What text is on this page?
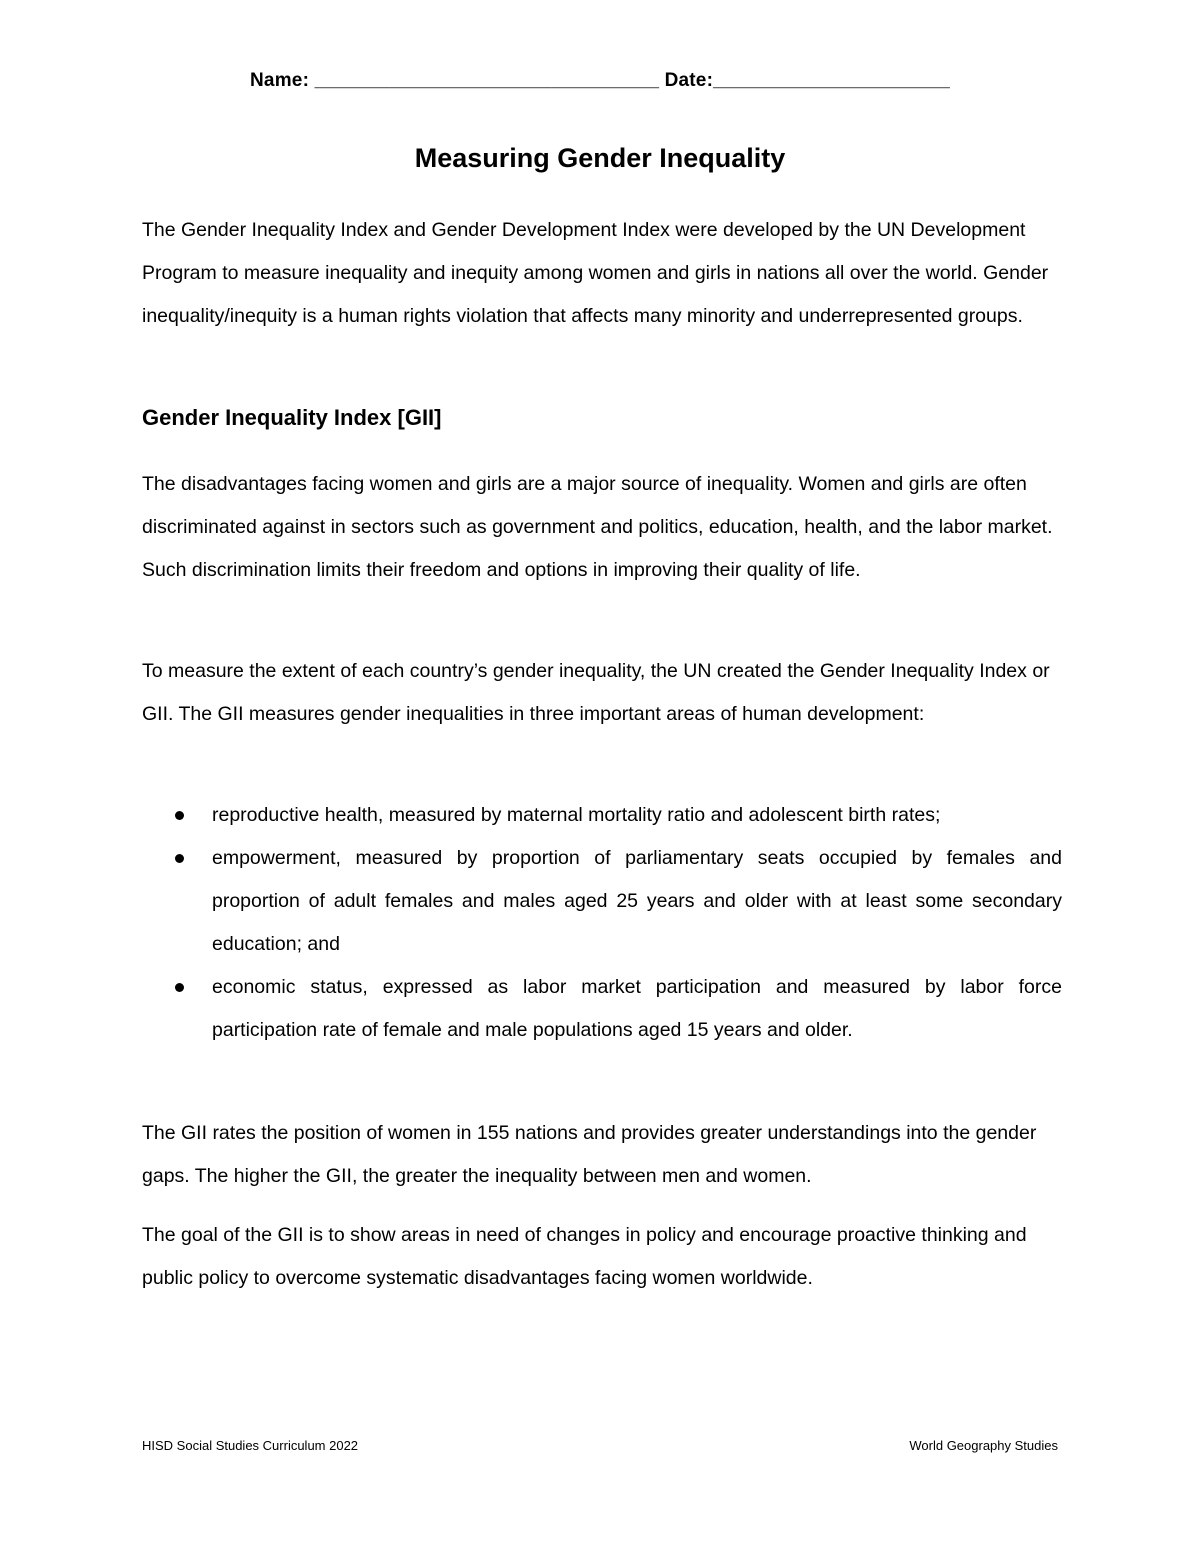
Name: ________________________________ Date:______________________
Measuring Gender Inequality

The Gender Inequality Index and Gender Development Index were developed by the UN Development Program to measure inequality and inequity among women and girls in nations all over the world. Gender inequality/inequity is a human rights violation that affects many minority and underrepresented groups.

Gender Inequality Index [GII]

The disadvantages facing women and girls are a major source of inequality. Women and girls are often discriminated against in sectors such as government and politics, education, health, and the labor market. Such discrimination limits their freedom and options in improving their quality of life.

To measure the extent of each country’s gender inequality, the UN created the Gender Inequality Index or GII. The GII measures gender inequalities in three important areas of human development:

reproductive health, measured by maternal mortality ratio and adolescent birth rates;
empowerment, measured by proportion of parliamentary seats occupied by females and proportion of adult females and males aged 25 years and older with at least some secondary education; and
economic status, expressed as labor market participation and measured by labor force participation rate of female and male populations aged 15 years and older.

The GII rates the position of women in 155 nations and provides greater understandings into the gender gaps. The higher the GII, the greater the inequality between men and women.

The goal of the GII is to show areas in need of changes in policy and encourage proactive thinking and public policy to overcome systematic disadvantages facing women worldwide.

HISD Social Studies Curriculum 2022	World Geography Studies
